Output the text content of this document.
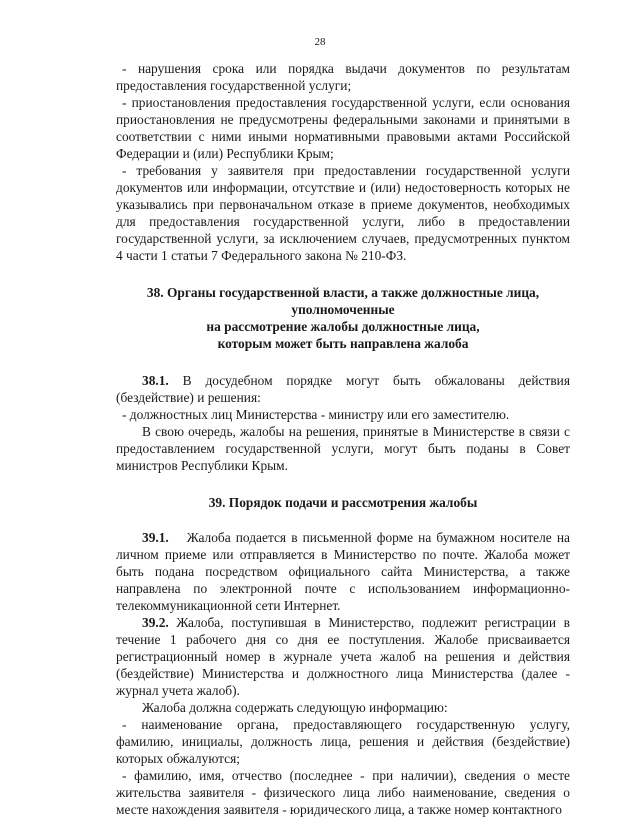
28

- нарушения срока или порядка выдачи документов по результатам предоставления государственной услуги;

- приостановления предоставления государственной услуги, если основания приостановления не предусмотрены федеральными законами и принятыми в соответствии с ними иными нормативными правовыми актами Российской Федерации и (или) Республики Крым;

- требования у заявителя при предоставлении государственной услуги документов или информации, отсутствие и (или) недостоверность которых не указывались при первоначальном отказе в приеме документов, необходимых для предоставления государственной услуги, либо в предоставлении государственной услуги, за исключением случаев, предусмотренных пунктом 4 части 1 статьи 7 Федерального закона № 210-ФЗ.

38. Органы государственной власти, а также должностные лица,
уполномоченные
на рассмотрение жалобы должностные лица,
которым может быть направлена жалоба

38.1. В досудебном порядке могут быть обжалованы действия (бездействие) и решения:

- должностных лиц Министерства - министру или его заместителю.

В свою очередь, жалобы на решения, принятые в Министерстве в связи с предоставлением государственной услуги, могут быть поданы в Совет министров Республики Крым.

39. Порядок подачи и рассмотрения жалобы

39.1. Жалоба подается в письменной форме на бумажном носителе на личном приеме или отправляется в Министерство по почте. Жалоба может быть подана посредством официального сайта Министерства, а также направлена по электронной почте с использованием информационно-телекоммуникационной сети Интернет.

39.2. Жалоба, поступившая в Министерство, подлежит регистрации в течение 1 рабочего дня со дня ее поступления. Жалобе присваивается регистрационный номер в журнале учета жалоб на решения и действия (бездействие) Министерства и должностного лица Министерства (далее - журнал учета жалоб).

Жалоба должна содержать следующую информацию:

- наименование органа, предоставляющего государственную услугу, фамилию, инициалы, должность лица, решения и действия (бездействие) которых обжалуются;

- фамилию, имя, отчество (последнее - при наличии), сведения о месте жительства заявителя - физического лица либо наименование, сведения о месте нахождения заявителя - юридического лица, а также номер контактного
